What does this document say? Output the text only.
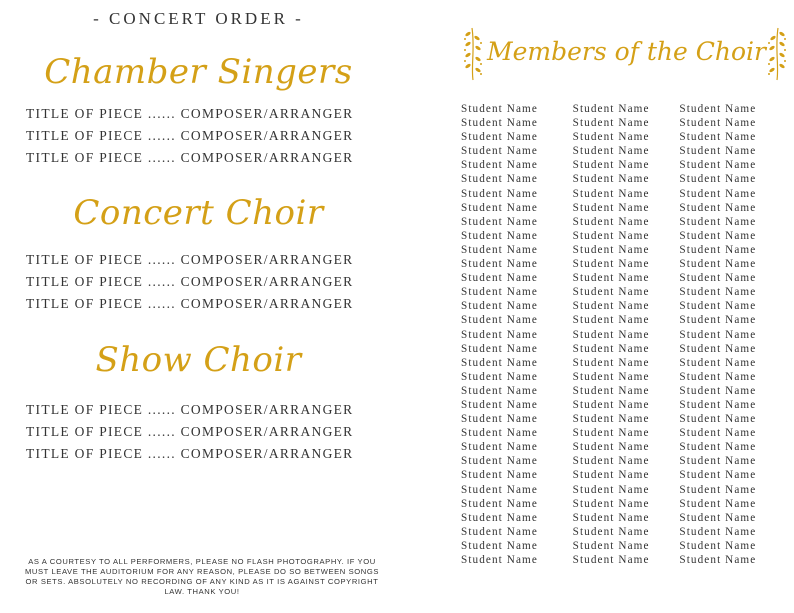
- CONCERT ORDER -
Chamber Singers
TITLE OF PIECE ...... COMPOSER/ARRANGER
TITLE OF PIECE ...... COMPOSER/ARRANGER
TITLE OF PIECE ...... COMPOSER/ARRANGER
Concert Choir
TITLE OF PIECE ...... COMPOSER/ARRANGER
TITLE OF PIECE ...... COMPOSER/ARRANGER
TITLE OF PIECE ...... COMPOSER/ARRANGER
Show Choir
TITLE OF PIECE ...... COMPOSER/ARRANGER
TITLE OF PIECE ...... COMPOSER/ARRANGER
TITLE OF PIECE ...... COMPOSER/ARRANGER
AS A COURTESY TO ALL PERFORMERS, PLEASE NO FLASH PHOTOGRAPHY. IF YOU MUST LEAVE THE AUDITORIUM FOR ANY REASON, PLEASE DO SO BETWEEN SONGS OR SETS. ABSOLUTELY NO RECORDING OF ANY KIND AS IT IS AGAINST COPYRIGHT LAW. THANK YOU!
Members of the Choir
Student Name	Student Name	Student Name
Student Name	Student Name	Student Name
Student Name	Student Name	Student Name
Student Name	Student Name	Student Name
Student Name	Student Name	Student Name
Student Name	Student Name	Student Name
Student Name	Student Name	Student Name
Student Name	Student Name	Student Name
Student Name	Student Name	Student Name
Student Name	Student Name	Student Name
Student Name	Student Name	Student Name
Student Name	Student Name	Student Name
Student Name	Student Name	Student Name
Student Name	Student Name	Student Name
Student Name	Student Name	Student Name
Student Name	Student Name	Student Name
Student Name	Student Name	Student Name
Student Name	Student Name	Student Name
Student Name	Student Name	Student Name
Student Name	Student Name	Student Name
Student Name	Student Name	Student Name
Student Name	Student Name	Student Name
Student Name	Student Name	Student Name
Student Name	Student Name	Student Name
Student Name	Student Name	Student Name
Student Name	Student Name	Student Name
Student Name	Student Name	Student Name
Student Name	Student Name	Student Name
Student Name	Student Name	Student Name
Student Name	Student Name	Student Name
Student Name	Student Name	Student Name
Student Name	Student Name	Student Name
Student Name	Student Name	Student Name
